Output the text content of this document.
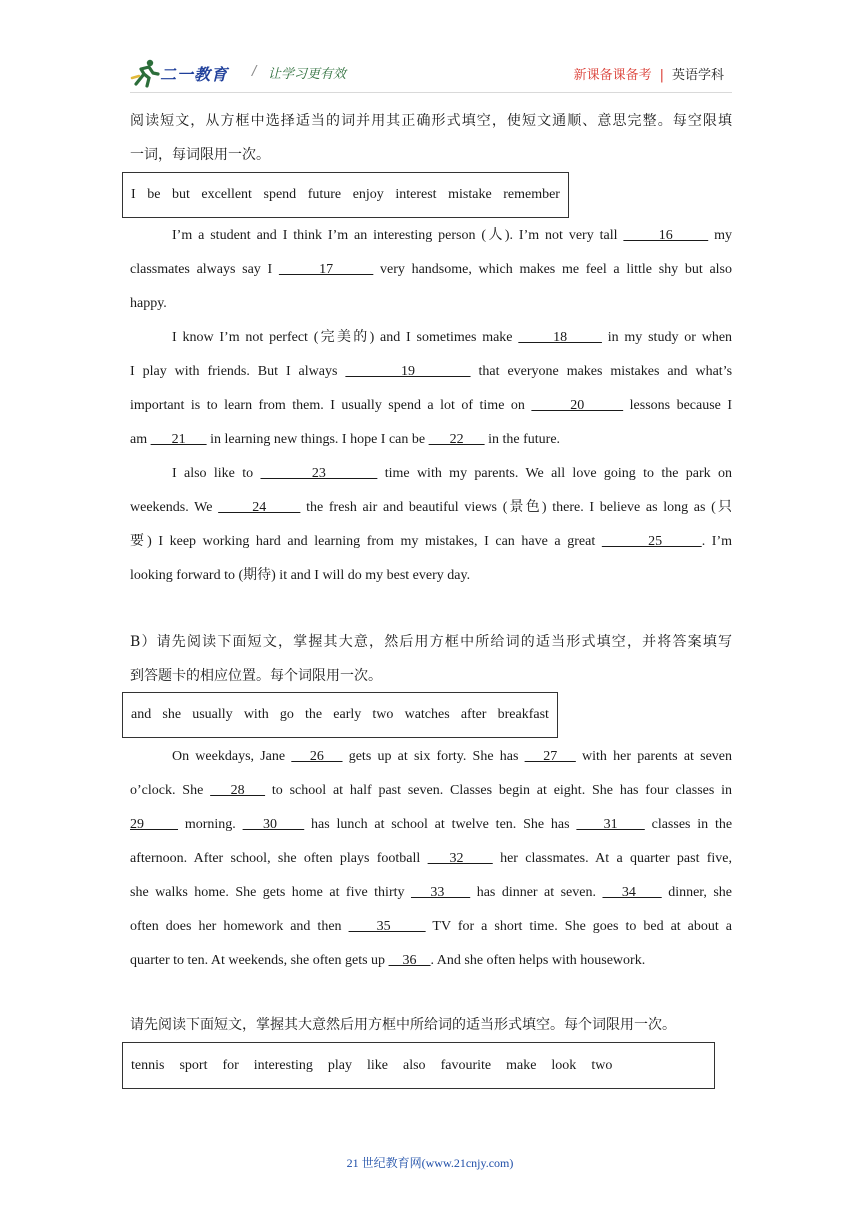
二一教育 / 让学习更有效	新课备课备考 | 英语学科
阅读短文，从方框中选择适当的词并用其正确形式填空，使短文通顺、意思完整。每空限填
一词，每词限用一次。
I be but excellent spend future enjoy interest mistake remember
I’m a student and I think I’m an interesting person (人). I’m not very tall       16       my
classmates always say I       17       very handsome, which makes me feel a little shy but also
happy.
I know I’m not perfect (完美的) and I sometimes make       18       in my study or when
I play with friends. But I always        19        that everyone makes mistakes and what’s
important is to learn from them. I usually spend a lot of time on       20       lessons because I
am       21       in learning new things. I hope I can be       22       in the future.
I also like to        23        time with my parents. We all love going to the park on
weekends. We       24       the fresh air and beautiful views (景色) there. I believe as long as (只
要) I keep working hard and learning from my mistakes, I can have a great        25      . I’m
looking forward to (期待) it and I will do my best every day.
B）请先阅读下面短文，掌握其大意，然后用方框中所给词的适当形式填空，并将答案填写
到答题卡的相应位置。每个词限用一次。
and she usually with go the early two watches after breakfast
On weekdays, Jane    26    gets up at six forty. She has    27    with her parents at seven
o’clock. She    28    to school at half past seven. Classes begin at eight. She has four classes in
29      morning.    30     has lunch at school at twelve ten. She has     31     classes in the
afternoon. After school, she often plays football    32     her classmates. At a quarter past five,
she walks home. She gets home at five thirty    33     has dinner at seven.    34     dinner, she
often does her homework and then     35      TV for a short time. She goes to bed at about a
quarter to ten. At weekends, she often gets up     36    . And she often helps with housework.
请先阅读下面短文，掌握其大意然后用方框中所给词的适当形式填空。每个词限用一次。
tennis sport for interesting play like also favourite make look two
21 世纪教育网(www.21cnjy.com)
